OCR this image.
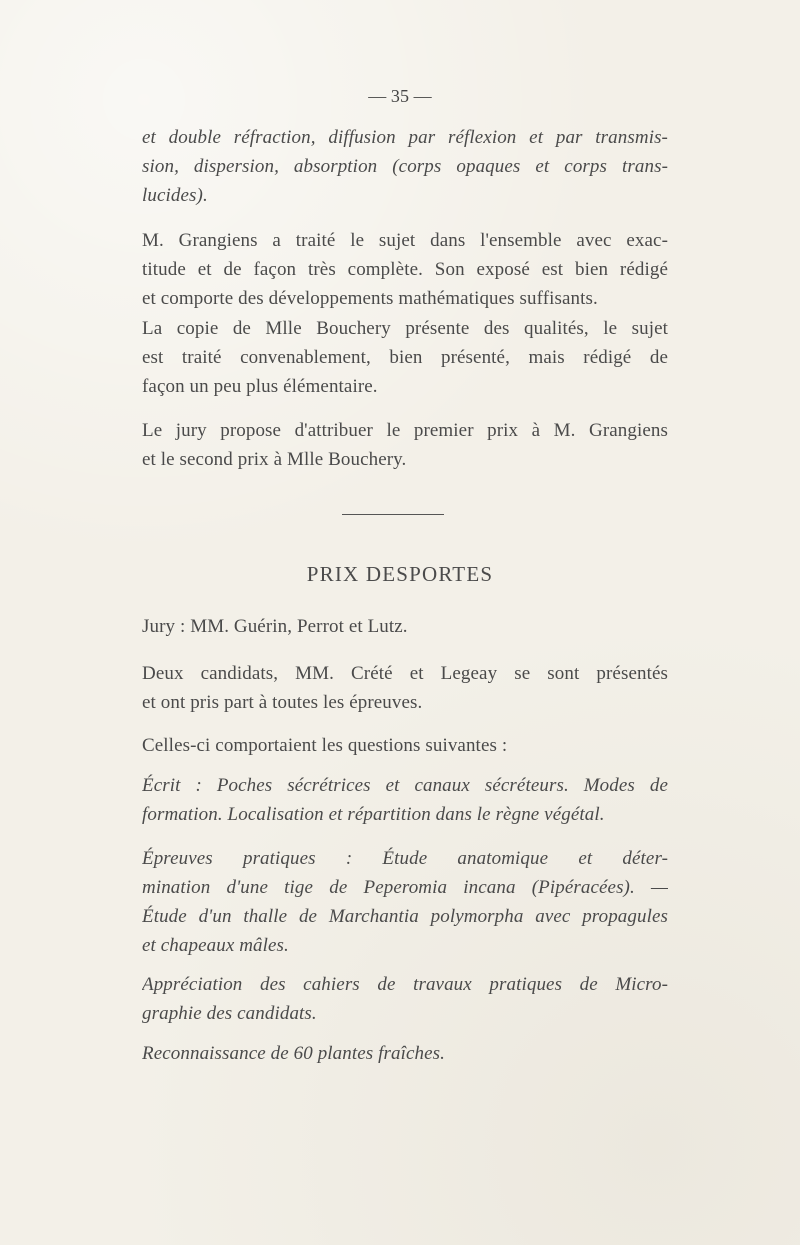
— 35 —
et double réfraction, diffusion par réflexion et par transmis-
sion, dispersion, absorption (corps opaques et corps trans-
lucides).
M. Grangiens a traité le sujet dans l'ensemble avec exac-
titude et de façon très complète. Son exposé est bien rédigé
et comporte des développements mathématiques suffisants.
La copie de Mlle Bouchery présente des qualités, le sujet
est traité convenablement, bien présenté, mais rédigé de
façon un peu plus élémentaire.
Le jury propose d'attribuer le premier prix à M. Grangiens
et le second prix à Mlle Bouchery.
PRIX DESPORTES
Jury : MM. Guérin, Perrot et Lutz.
Deux candidats, MM. Crété et Legeay se sont présentés
et ont pris part à toutes les épreuves.
Celles-ci comportaient les questions suivantes :
Écrit : Poches sécrétrices et canaux sécréteurs. Modes de
formation. Localisation et répartition dans le règne végétal.
Épreuves pratiques : Étude anatomique et déter-
mination d'une tige de Peperomia incana (Pipéracées). —
Étude d'un thalle de Marchantia polymorpha avec propagules
et chapeaux mâles.
Appréciation des cahiers de travaux pratiques de Micro-
graphie des candidats.
Reconnaissance de 60 plantes fraîches.
